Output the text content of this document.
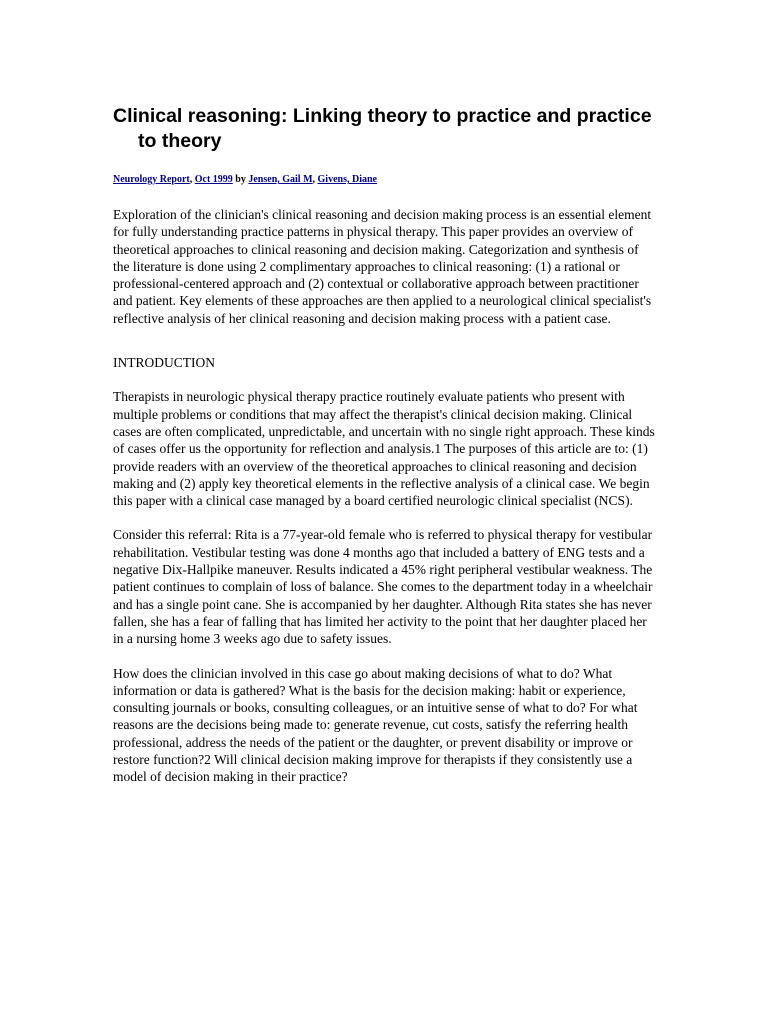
Clinical reasoning: Linking theory to practice and practice to theory
Neurology Report, Oct 1999 by Jensen, Gail M, Givens, Diane

Exploration of the clinician's clinical reasoning and decision making process is an essential element for fully understanding practice patterns in physical therapy. This paper provides an overview of theoretical approaches to clinical reasoning and decision making. Categorization and synthesis of the literature is done using 2 complimentary approaches to clinical reasoning: (1) a rational or professional-centered approach and (2) contextual or collaborative approach between practitioner and patient. Key elements of these approaches are then applied to a neurological clinical specialist's reflective analysis of her clinical reasoning and decision making process with a patient case.

INTRODUCTION

Therapists in neurologic physical therapy practice routinely evaluate patients who present with multiple problems or conditions that may affect the therapist's clinical decision making. Clinical cases are often complicated, unpredictable, and uncertain with no single right approach. These kinds of cases offer us the opportunity for reflection and analysis.1 The purposes of this article are to: (1) provide readers with an overview of the theoretical approaches to clinical reasoning and decision making and (2) apply key theoretical elements in the reflective analysis of a clinical case. We begin this paper with a clinical case managed by a board certified neurologic clinical specialist (NCS).

Consider this referral: Rita is a 77-year-old female who is referred to physical therapy for vestibular rehabilitation. Vestibular testing was done 4 months ago that included a battery of ENG tests and a negative Dix-Hallpike maneuver. Results indicated a 45% right peripheral vestibular weakness. The patient continues to complain of loss of balance. She comes to the department today in a wheelchair and has a single point cane. She is accompanied by her daughter. Although Rita states she has never fallen, she has a fear of falling that has limited her activity to the point that her daughter placed her in a nursing home 3 weeks ago due to safety issues.

How does the clinician involved in this case go about making decisions of what to do? What information or data is gathered? What is the basis for the decision making: habit or experience, consulting journals or books, consulting colleagues, or an intuitive sense of what to do? For what reasons are the decisions being made to: generate revenue, cut costs, satisfy the referring health professional, address the needs of the patient or the daughter, or prevent disability or improve or restore function?2 Will clinical decision making improve for therapists if they consistently use a model of decision making in their practice?
